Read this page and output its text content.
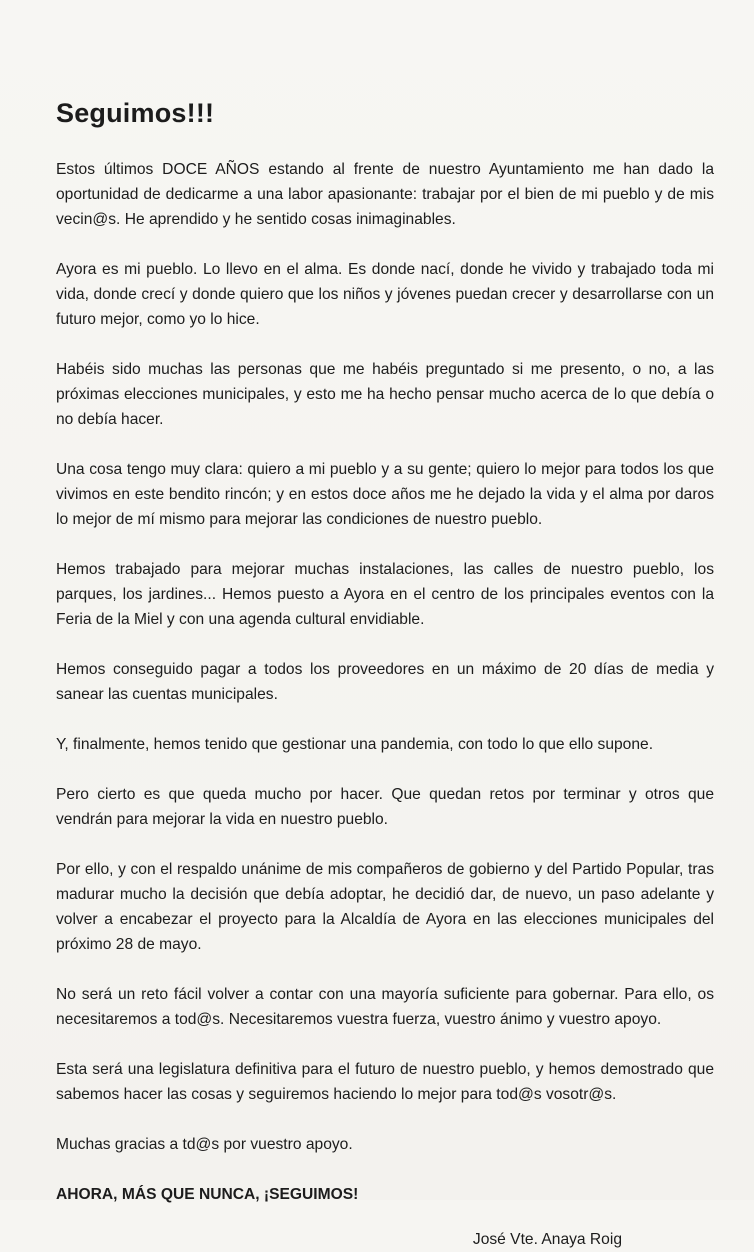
Seguimos!!!

Estos últimos DOCE AÑOS estando al frente de nuestro Ayuntamiento me han dado la oportunidad de dedicarme a una labor apasionante: trabajar por el bien de mi pueblo y de mis vecin@s. He aprendido y he sentido cosas inimaginables.

Ayora es mi pueblo. Lo llevo en el alma. Es donde nací, donde he vivido y trabajado toda mi vida, donde crecí y donde quiero que los niños y jóvenes puedan crecer y desarrollarse con un futuro mejor, como yo lo hice.

Habéis sido muchas las personas que me habéis preguntado si me presento, o no, a las próximas elecciones municipales, y esto me ha hecho pensar mucho acerca de lo que debía o no debía hacer.

Una cosa tengo muy clara: quiero a mi pueblo y a su gente; quiero lo mejor para todos los que vivimos en este bendito rincón; y en estos doce años me he dejado la vida y el alma por daros lo mejor de mí mismo para mejorar las condiciones de nuestro pueblo.

Hemos trabajado para mejorar muchas instalaciones, las calles de nuestro pueblo, los parques, los jardines... Hemos puesto a Ayora en el centro de los principales eventos con la Feria de la Miel y con una agenda cultural envidiable.

Hemos conseguido pagar a todos los proveedores en un máximo de 20 días de media y sanear las cuentas municipales.

Y, finalmente, hemos tenido que gestionar una pandemia, con todo lo que ello supone.

Pero cierto es que queda mucho por hacer. Que quedan retos por terminar y otros que vendrán para mejorar la vida en nuestro pueblo.

Por ello, y con el respaldo unánime de mis compañeros de gobierno y del Partido Popular, tras madurar mucho la decisión que debía adoptar, he decidió dar, de nuevo, un paso adelante y volver a encabezar el proyecto para la Alcaldía de Ayora en las elecciones municipales del próximo 28 de mayo.

No será un reto fácil volver a contar con una mayoría suficiente para gobernar. Para ello, os necesitaremos a tod@s. Necesitaremos vuestra fuerza, vuestro ánimo y vuestro apoyo.

Esta será una legislatura definitiva para el futuro de nuestro pueblo, y hemos demostrado que sabemos hacer las cosas y seguiremos haciendo lo mejor para tod@s vosotr@s.

Muchas gracias a td@s por vuestro apoyo.

AHORA, MÁS QUE NUNCA, ¡SEGUIMOS!

José Vte. Anaya Roig
